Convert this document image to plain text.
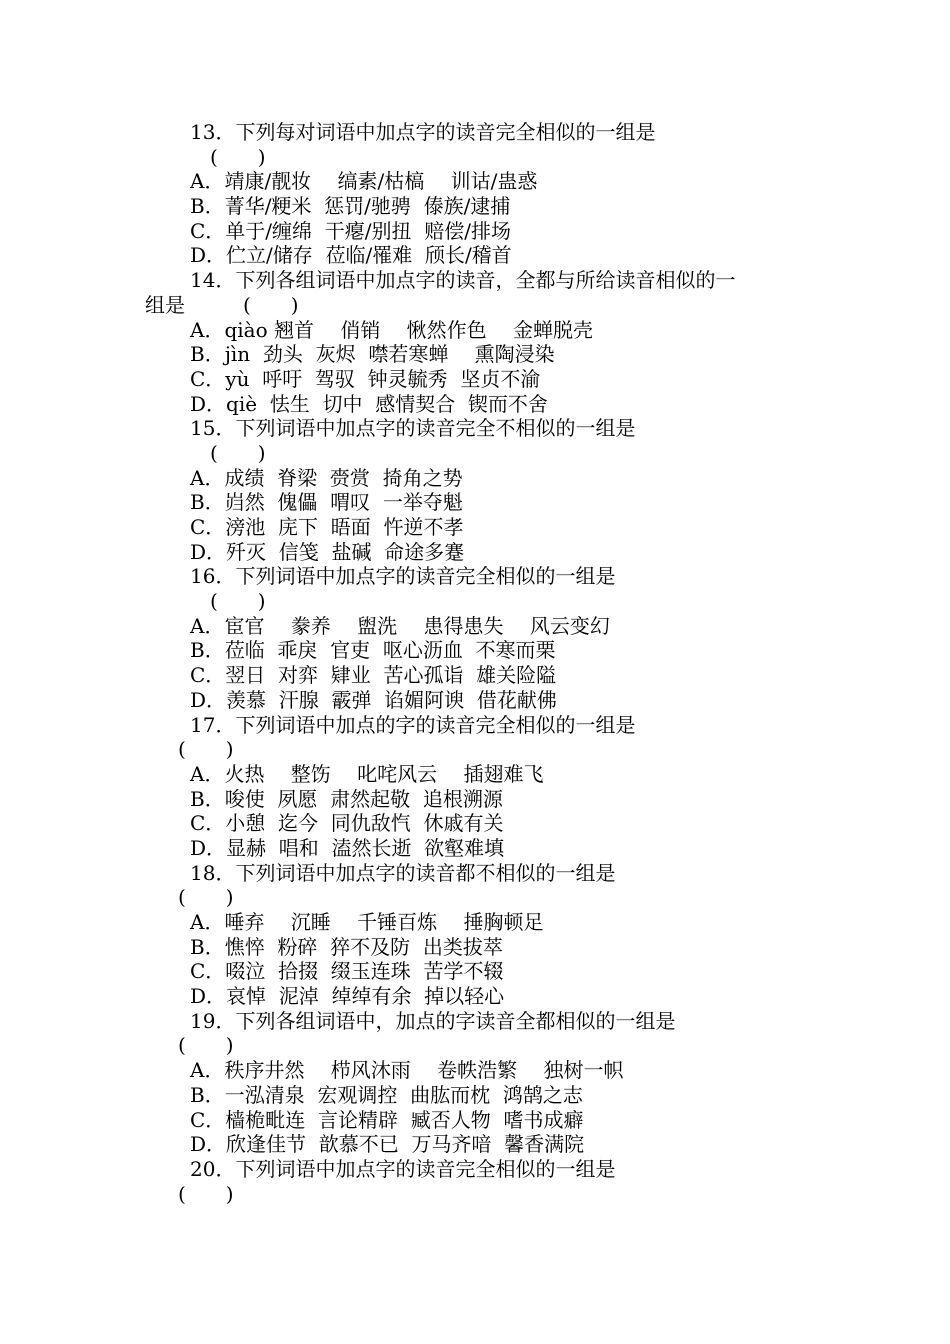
13．下列每对词语中加点字的读音完全相似的一组是
(　　)
A．靖康/靓妆　 缟素/枯槁　 训诂/蛊惑
B．菁华/粳米  惩罚/驰骋  傣族/逮捕
C．单于/缠绵  干瘪/别扭  赔偿/排场
D．伫立/储存  莅临/罹难  颀长/稽首
14．下列各组词语中加点字的读音，全都与所给读音相似的一
组是	(　　)
A．qiào 翘首　 俏销　 愀然作色　 金蝉脱壳
B．jìn  劲头  灰烬  噤若寒蝉　 熏陶浸染
C．yù  呼吁  驾驭  钟灵毓秀  坚贞不渝
D．qiè  怯生  切中  感情契合  锲而不舍
15．下列词语中加点字的读音完全不相似的一组是
(　　)
A．成绩  脊梁  赍赏  掎角之势
B．岿然  傀儡  喟叹  一举夺魁
C．滂池  庑下  晤面  忤逆不孝
D．歼灭  信笺  盐碱  命途多蹇
16．下列词语中加点字的读音完全相似的一组是
(　　)
A．宦官　 豢养　 盥洗　 患得患失　 风云变幻
B．莅临  乖戾  官吏  呕心沥血  不寒而栗
C．翌日  对弈  肄业  苦心孤诣  雄关险隘
D．羡慕  汗腺  霰弹  谄媚阿谀  借花献佛
17．下列词语中加点的字的读音完全相似的一组是
(　　)
A．火热　 整饬　 叱咤风云　 插翅难飞
B．唆使  夙愿  肃然起敬  追根溯源
C．小憩  迄今  同仇敌忾  休戚有关
D．显赫  唱和  溘然长逝  欲壑难填
18．下列词语中加点字的读音都不相似的一组是
(　　)
A．唾弃　 沉睡　 千锤百炼　 捶胸顿足
B．憔悴  粉碎  猝不及防  出类拔萃
C．啜泣  拾掇  缀玉连珠  苦学不辍
D．哀悼  泥淖  绰绰有余  掉以轻心
19．下列各组词语中，加点的字读音全都相似的一组是
(　　)
A．秩序井然　 栉风沐雨　 卷帙浩繁　 独树一帜
B．一泓清泉  宏观调控  曲肱而枕  鸿鹄之志
C．樯桅毗连  言论精辟  臧否人物  嗜书成癖
D．欣逢佳节  歆慕不已  万马齐喑  馨香满院
20．下列词语中加点字的读音完全相似的一组是
(　　)
